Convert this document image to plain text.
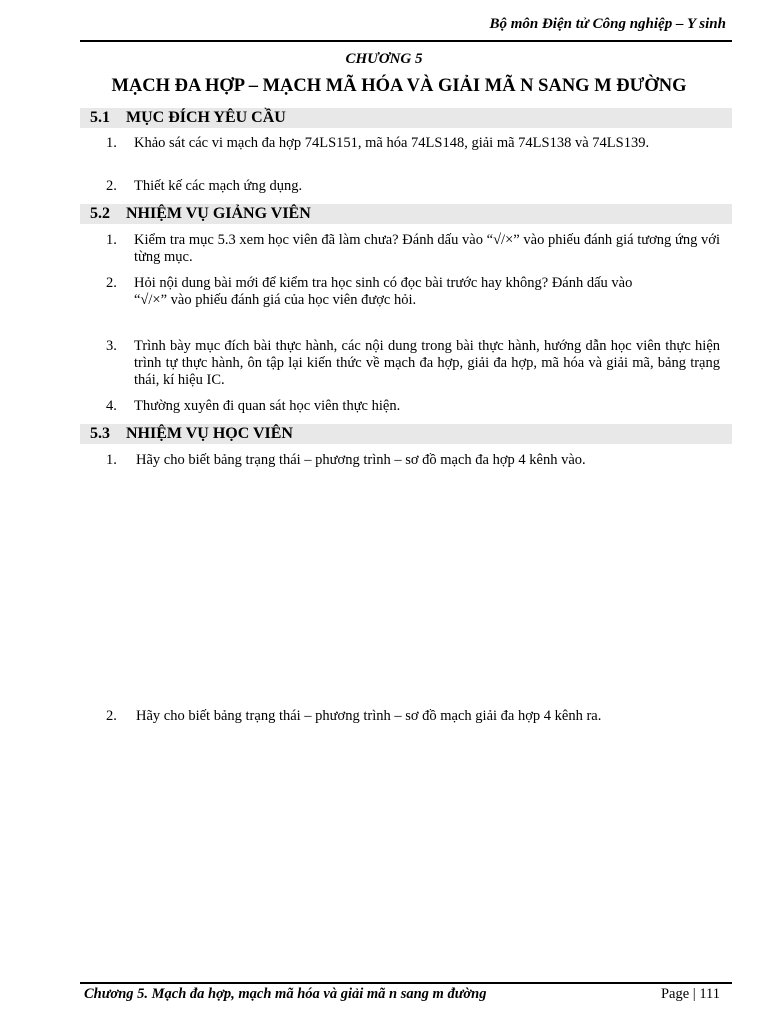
Bộ môn Điện tử Công nghiệp – Y sinh
CHƯƠNG 5
MẠCH ĐA HỢP – MẠCH MÃ HÓA VÀ GIẢI MÃ N SANG M ĐƯỜNG
5.1 MỤC ĐÍCH YÊU CẦU
1. Khảo sát các vi mạch đa hợp 74LS151, mã hóa 74LS148, giải mã 74LS138 và 74LS139.
2. Thiết kế các mạch ứng dụng.
5.2 NHIỆM VỤ GIẢNG VIÊN
1. Kiểm tra mục 5.3 xem học viên đã làm chưa? Đánh dấu vào “√/×” vào phiếu đánh giá tương ứng với từng mục.
2. Hỏi nội dung bài mới để kiểm tra học sinh có đọc bài trước hay không? Đánh dấu vào
“√/×” vào phiếu đánh giá của học viên được hỏi.
3. Trình bày mục đích bài thực hành, các nội dung trong bài thực hành, hướng dẫn học viên thực hiện trình tự thực hành, ôn tập lại kiến thức về mạch đa hợp, giải đa hợp, mã hóa và giải mã, bảng trạng thái, kí hiệu IC.
4. Thường xuyên đi quan sát học viên thực hiện.
5.3 NHIỆM VỤ HỌC VIÊN
1. Hãy cho biết bảng trạng thái – phương trình – sơ đồ mạch đa hợp 4 kênh vào.
2. Hãy cho biết bảng trạng thái – phương trình – sơ đồ mạch giải đa hợp 4 kênh ra.
Chương 5. Mạch đa hợp, mạch mã hóa và giải mã n sang m đường	Page | 111
